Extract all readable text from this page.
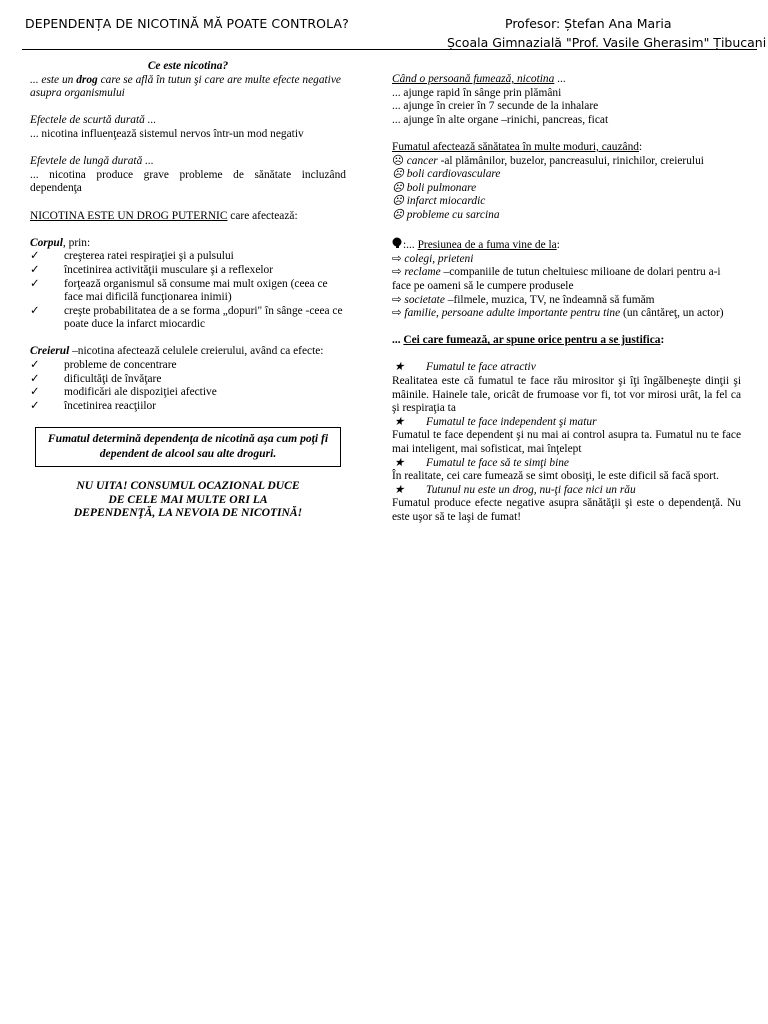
DEPENDENȚA DE NICOTINĂ MĂ POATE CONTROLA?	Profesor: Ștefan Ana Maria
Școala Gimnazială "Prof. Vasile Gherasim" Țibucani

Ce este nicotina?

... este un drog care se află în tutun şi care are multe efecte negative asupra organismului

Efectele de scurtă durată ...

... nicotina influenţează sistemul nervos într-un mod negativ

Efevtele de lungă durată ...

... nicotina produce grave probleme de sănătate incluzând dependenţa

NICOTINA ESTE UN DROG PUTERNIC care afectează:

Corpul, prin:

✓	creşterea ratei respiraţiei şi a pulsului
✓	încetinirea activităţii musculare şi a reflexelor
✓	forţează organismul să consume mai mult oxigen (ceea ce face mai dificilă funcţionarea inimii)
✓	creşte probabilitatea de a se forma „dopuri" în sânge -ceea ce poate duce la infarct miocardic

Creierul –nicotina afectează celulele creierului, având ca efecte:

✓	probleme de concentrare
✓	dificultăţi de învăţare
✓	modificări ale dispoziţiei afective
✓	încetinirea reacţiilor
Fumatul determină dependenţa de nicotină aşa cum poţi fi dependent de alcool sau alte droguri.
NU UITA! CONSUMUL OCAZIONAL DUCE
DE CELE MAI MULTE ORI LA
DEPENDENŢĂ, LA NEVOIA DE NICOTINĂ!

Când o persoană fumează, nicotina ...

... ajunge rapid în sânge prin plămâni

... ajunge în creier în 7 secunde de la inhalare

... ajunge în alte organe –rinichi, pancreas, ficat

Fumatul afectează sănătatea în multe moduri, cauzând:

☹ cancer -al plămânilor, buzelor, pancreasului, rinichilor, creierului

☹ boli cardiovasculare

☹ boli pulmonare

☹ infarct miocardic

☹ probleme cu sarcina

:... Presiunea de a fuma vine de la:

⇨ colegi, prieteni

⇨ reclame –companiile de tutun cheltuiesc milioane de dolari pentru a-i face pe oameni să le cumpere produsele

⇨ societate –filmele, muzica, TV, ne îndeamnă să fumăm

⇨ familie, persoane adulte importante pentru tine (un cântăreţ, un actor)

... Cei care fumează, ar spune orice pentru a se justifica:

★	Fumatul te face atractiv

Realitatea este că fumatul te face rău mirositor şi îţi îngălbeneşte dinţii şi mâinile. Hainele tale, oricât de frumoase vor fi, tot vor mirosi urât, la fel ca şi respiraţia ta

★	Fumatul te face independent şi matur

Fumatul te face dependent şi nu mai ai control asupra ta. Fumatul nu te face mai inteligent, mai sofisticat, mai înţelept

★	Fumatul te face să te simţi bine

În realitate, cei care fumează se simt obosiţi, le este dificil să facă sport.

★	Tutunul nu este un drog, nu-ţi face nici un rău

Fumatul produce efecte negative asupra sănătăţii şi este o dependenţă. Nu este uşor să te laşi de fumat!
